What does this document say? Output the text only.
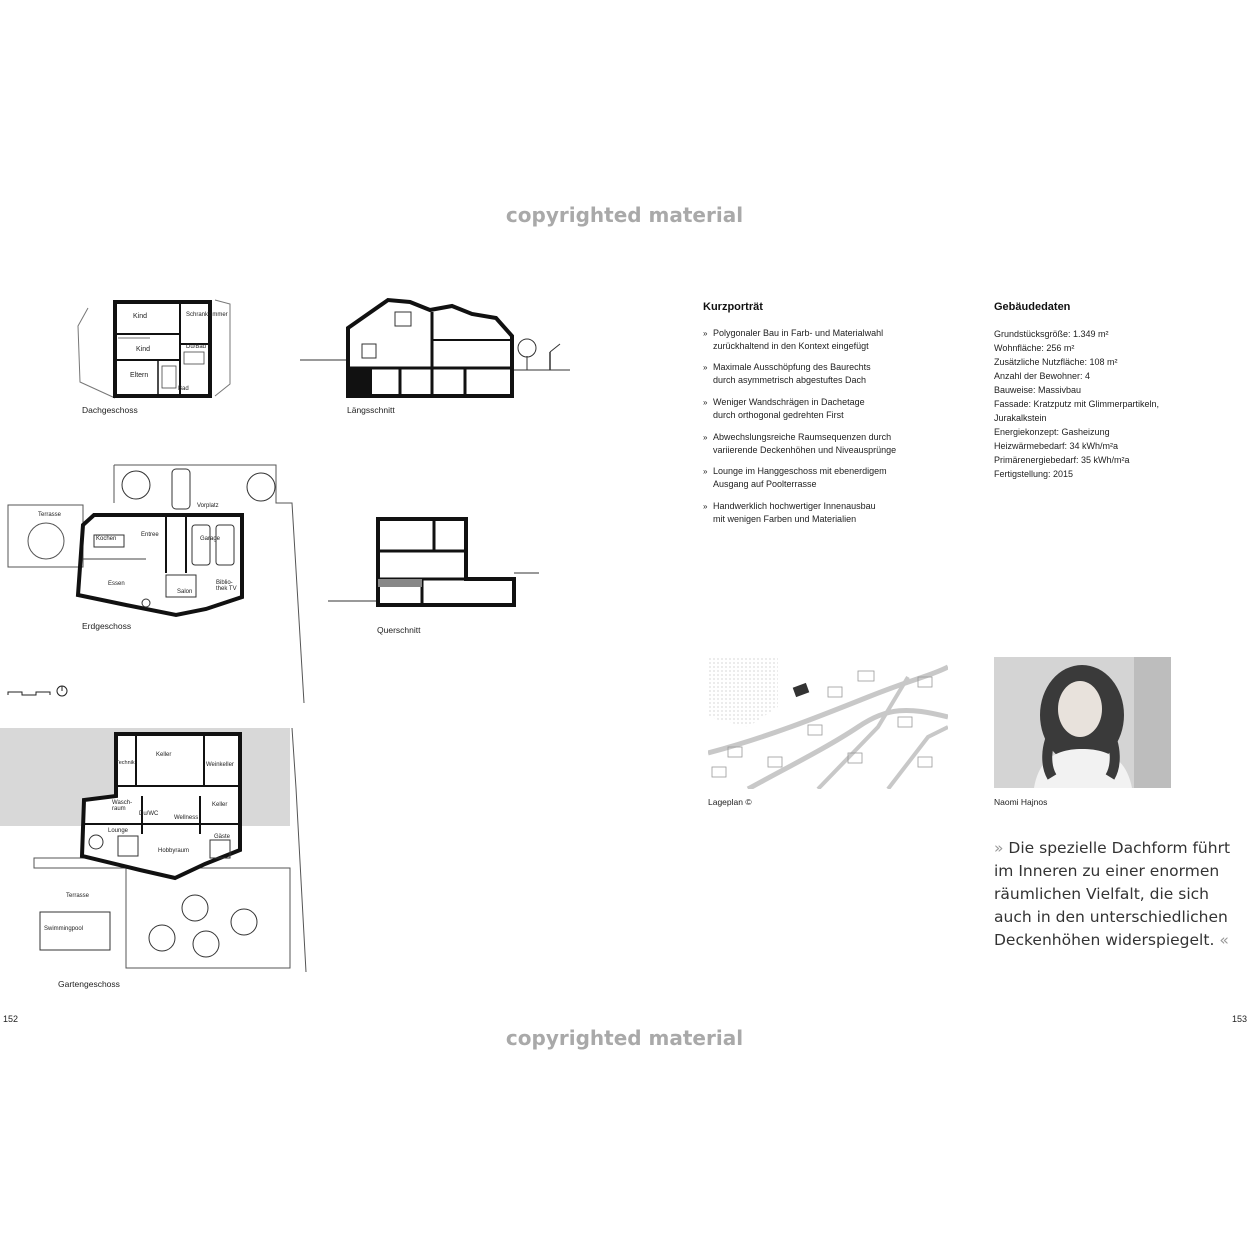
copyrighted material
copyrighted material
Kind
Kind
Eltern
Schrankzimmer
Du/Bad
Bad
Dachgeschoss	Längsschnitt
Terrasse
Vorplatz
Kochen
Entree
Garage
Essen
Salon
Biblio-thek TV
Erdgeschoss	Querschnitt
Keller
Weinkeller
Technik
Wasch-raum
Keller
Du/WC
Wellness
Lounge
Hobbyraum
Gäste
Terrasse
Swimmingpool
Gartengeschoss
152	153
Kurzporträt
» Polygonaler Bau in Farb- und Materialwahl
zurückhaltend in den Kontext eingefügt
» Maximale Ausschöpfung des Baurechts
durch asymmetrisch abgestuftes Dach
» Weniger Wandschrägen in Dachetage
durch orthogonal gedrehten First
» Abwechslungsreiche Raumsequenzen durch
variierende Deckenhöhen und Niveausprünge
» Lounge im Hanggeschoss mit ebenerdigem
Ausgang auf Poolterrasse
» Handwerklich hochwertiger Innenausbau
mit wenigen Farben und Materialien
Gebäudedaten
Grundstücksgröße: 1.349 m²
Wohnfläche: 256 m²
Zusätzliche Nutzfläche: 108 m²
Anzahl der Bewohner: 4
Bauweise: Massivbau
Fassade: Kratzputz mit Glimmerpartikeln,
Jurakalkstein
Energiekonzept: Gasheizung
Heizwärmebedarf: 34 kWh/m²a
Primärenergiebedarf: 35 kWh/m²a
Fertigstellung: 2015
Lageplan ©	Naomi Hajnos
» Die spezielle Dachform führt
im Inneren zu einer enormen
räumlichen Vielfalt, die sich
auch in den unterschiedlichen
Deckenhöhen widerspiegelt. «
